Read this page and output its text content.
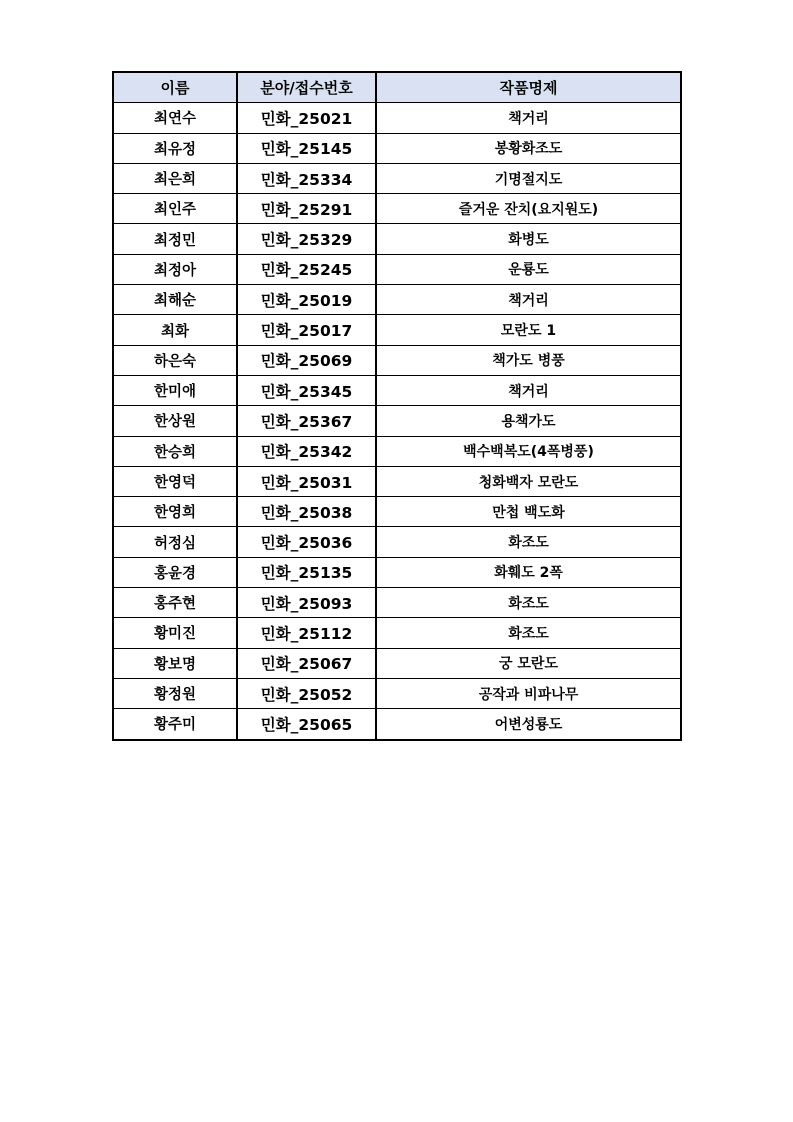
이름	분야/접수번호	작품명제
최연수	민화_25021	책거리
최유정	민화_25145	봉황화조도
최은희	민화_25334	기명절지도
최인주	민화_25291	즐거운 잔치(요지원도)
최정민	민화_25329	화병도
최정아	민화_25245	운룡도
최해순	민화_25019	책거리
최화	민화_25017	모란도 1
하은숙	민화_25069	책가도 병풍
한미애	민화_25345	책거리
한상원	민화_25367	용책가도
한승희	민화_25342	백수백복도(4폭병풍)
한영덕	민화_25031	청화백자 모란도
한영희	민화_25038	만첩 백도화
허정심	민화_25036	화조도
홍윤경	민화_25135	화훼도 2폭
홍주현	민화_25093	화조도
황미진	민화_25112	화조도
황보명	민화_25067	궁 모란도
황정원	민화_25052	공작과 비파나무
황주미	민화_25065	어변성룡도
